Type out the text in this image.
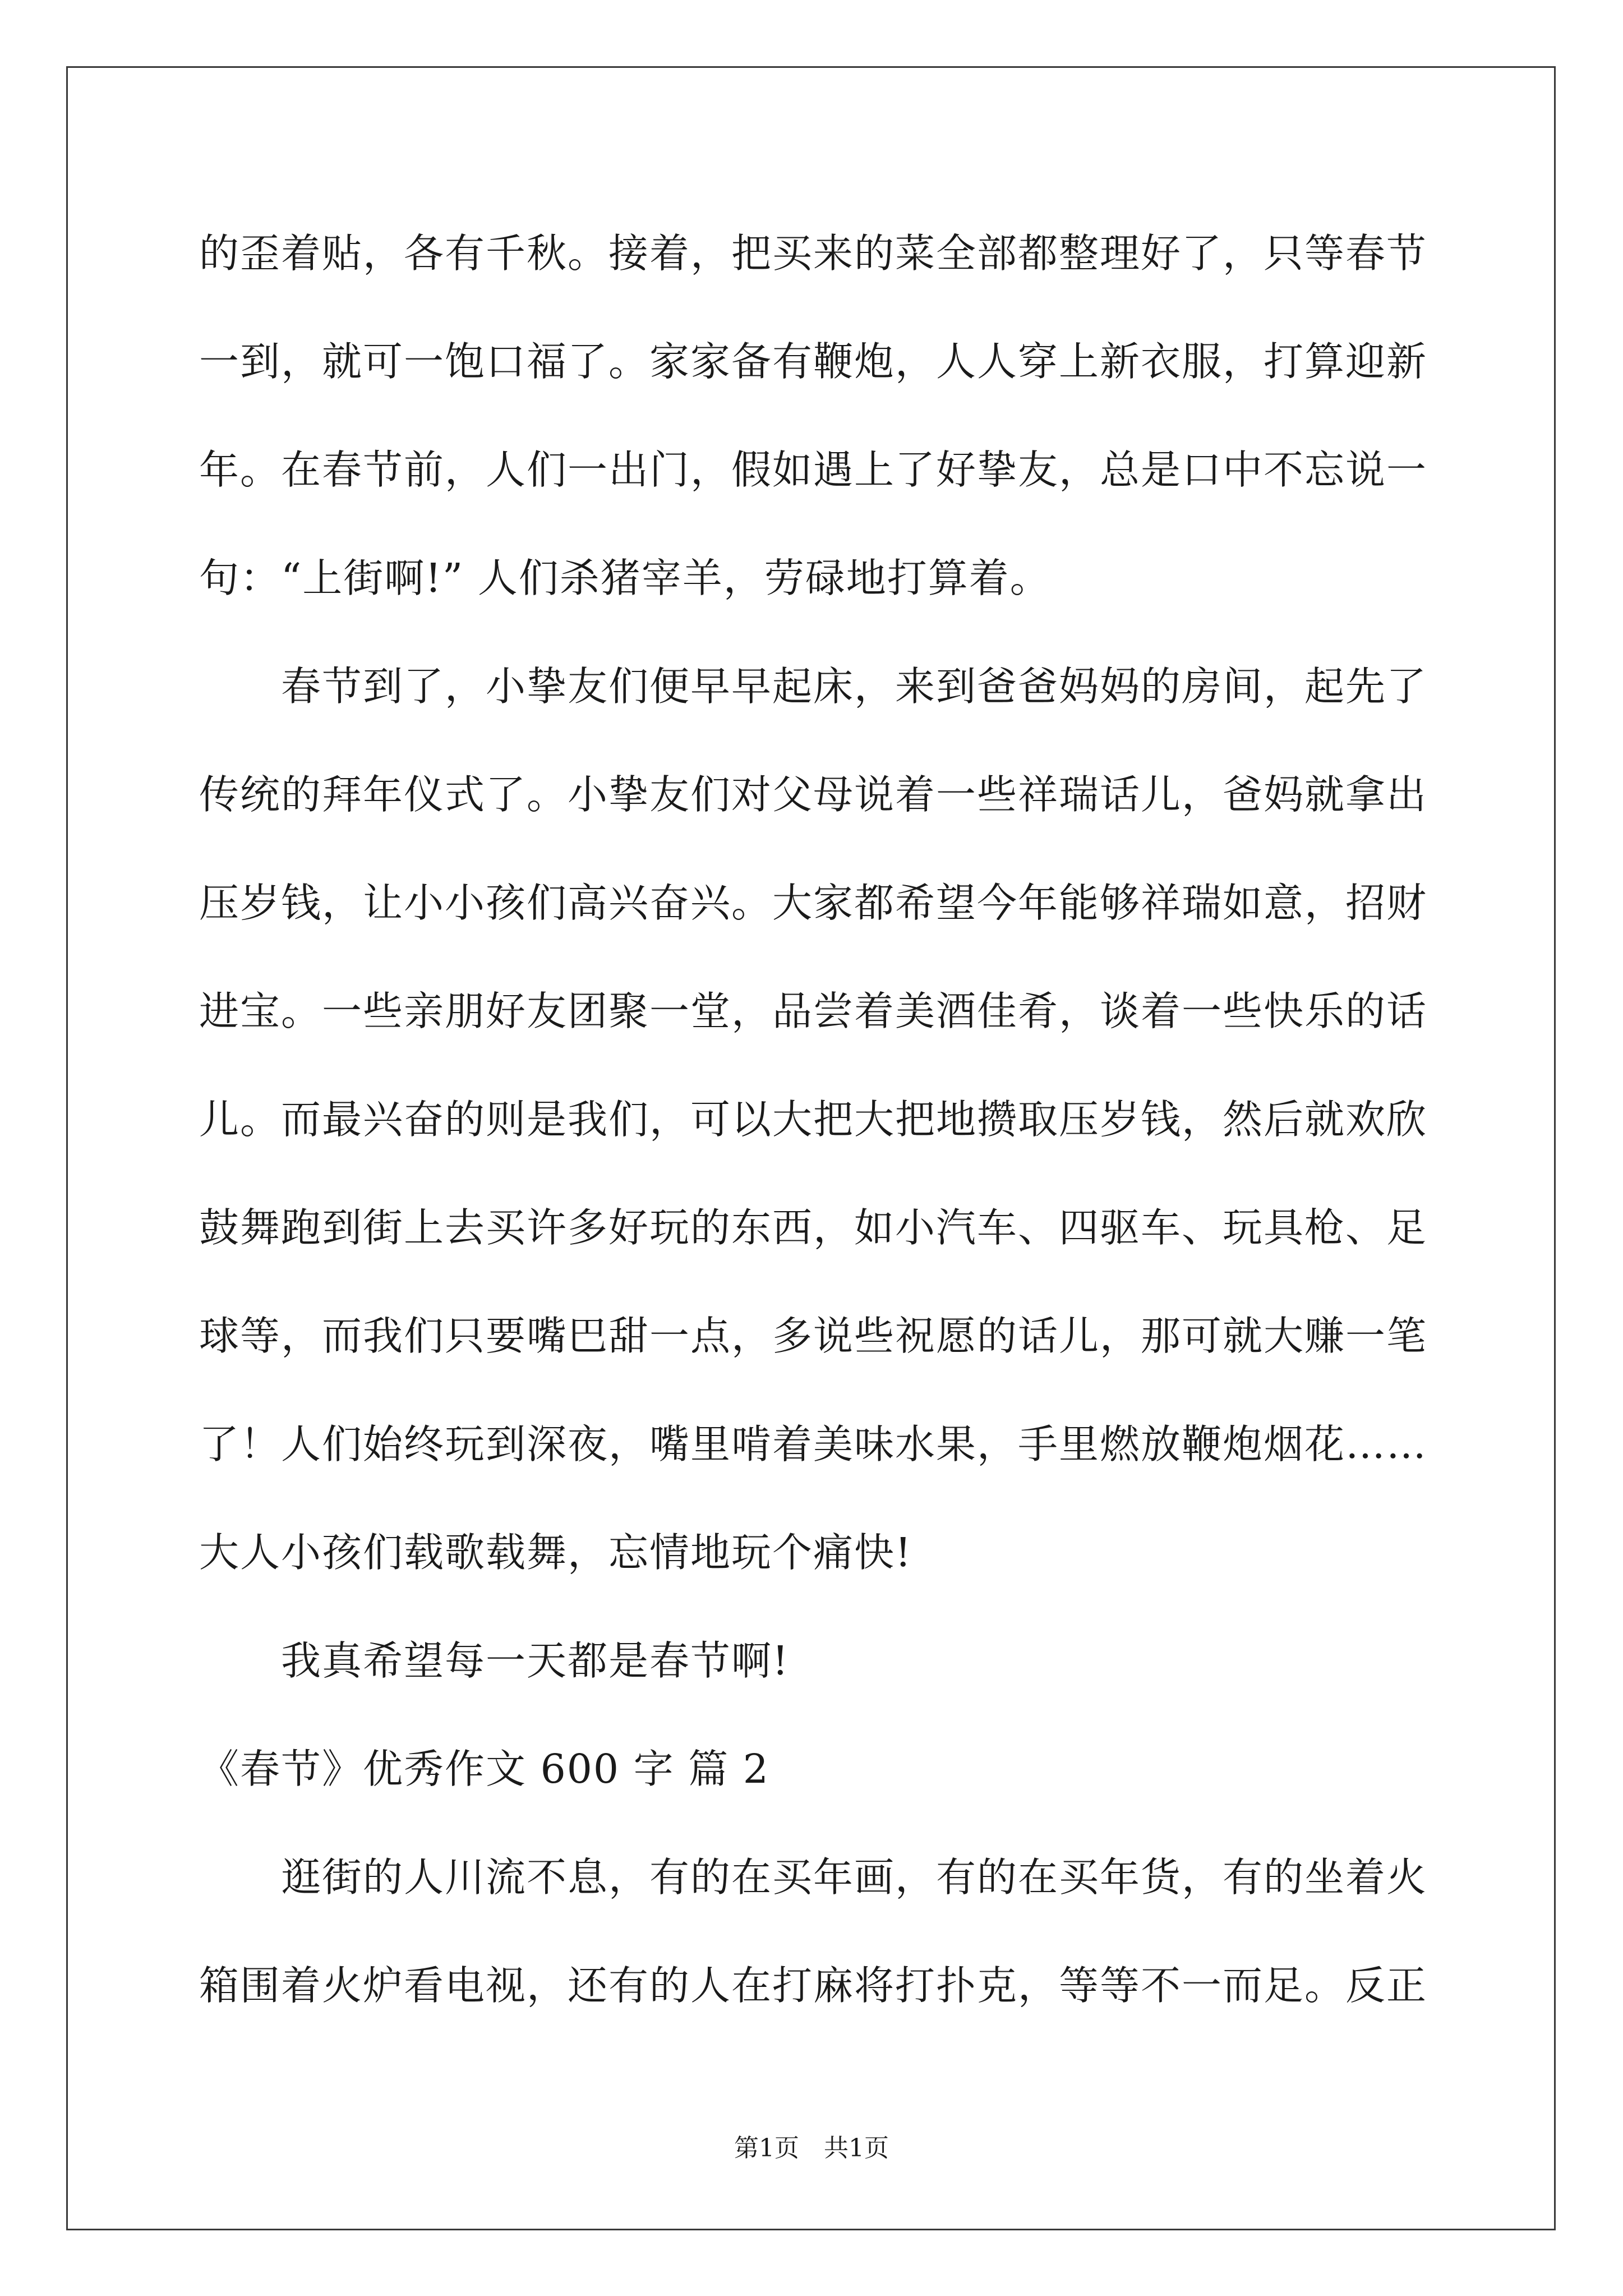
的歪着贴，各有千秋。接着，把买来的菜全部都整理好了，只等春节
一到，就可一饱口福了。家家备有鞭炮，人人穿上新衣服，打算迎新
年。在春节前，人们一出门，假如遇上了好挚友，总是口中不忘说一
句：“上街啊!” 人们杀猪宰羊，劳碌地打算着。
　　春节到了，小挚友们便早早起床，来到爸爸妈妈的房间，起先了
传统的拜年仪式了。小挚友们对父母说着一些祥瑞话儿，爸妈就拿出
压岁钱，让小小孩们高兴奋兴。大家都希望今年能够祥瑞如意，招财
进宝。一些亲朋好友团聚一堂，品尝着美酒佳肴，谈着一些快乐的话
儿。而最兴奋的则是我们，可以大把大把地攒取压岁钱，然后就欢欣
鼓舞跑到街上去买许多好玩的东西，如小汽车、四驱车、玩具枪、足
球等，而我们只要嘴巴甜一点，多说些祝愿的话儿，那可就大赚一笔
了！人们始终玩到深夜，嘴里啃着美味水果，手里燃放鞭炮烟花……
大人小孩们载歌载舞，忘情地玩个痛快!
　　我真希望每一天都是春节啊!
《春节》优秀作文 600 字 篇 2
　　逛街的人川流不息，有的在买年画，有的在买年货，有的坐着火
箱围着火炉看电视，还有的人在打麻将打扑克，等等不一而足。反正
第1页　共1页
